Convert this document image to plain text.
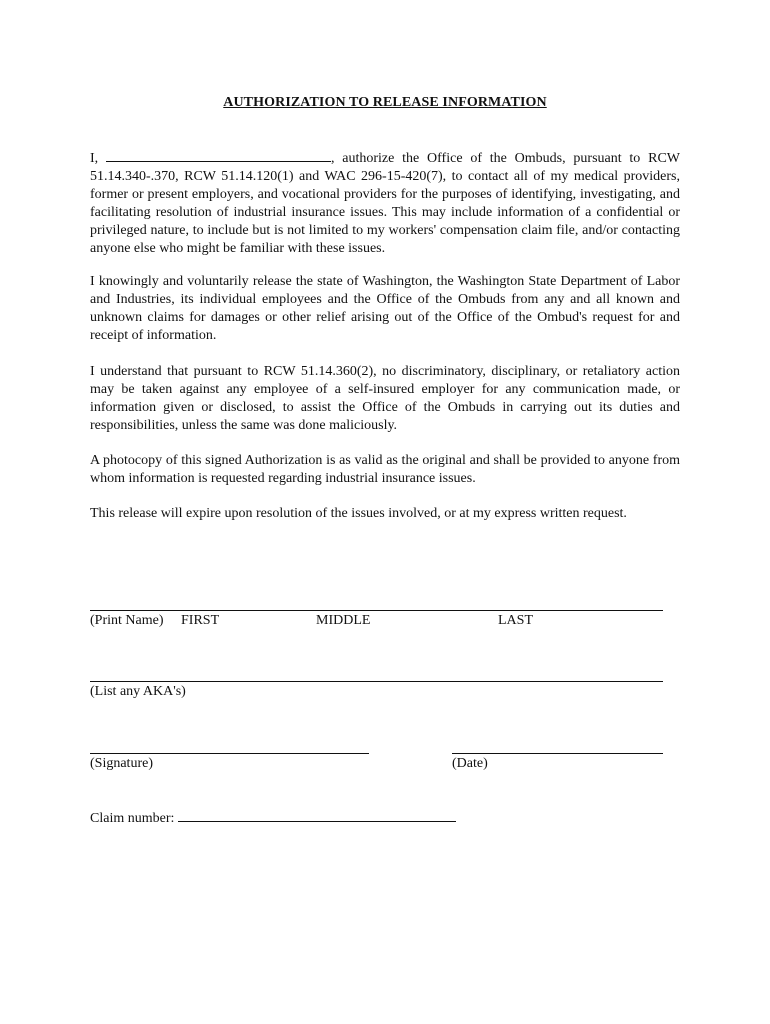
AUTHORIZATION TO RELEASE INFORMATION

I,	, authorize the Office of the Ombuds, pursuant to RCW 51.14.340-.370, RCW 51.14.120(1) and WAC 296-15-420(7), to contact all of my medical providers, former or present employers, and vocational providers for the purposes of identifying, investigating, and facilitating resolution of industrial insurance issues. This may include information of a confidential or privileged nature, to include but is not limited to my workers' compensation claim file, and/or contacting anyone else who might be familiar with these issues.

I knowingly and voluntarily release the state of Washington, the Washington State Department of Labor and Industries, its individual employees and the Office of the Ombuds from any and all known and unknown claims for damages or other relief arising out of the Office of the Ombud's request for and receipt of information.

I understand that pursuant to RCW 51.14.360(2), no discriminatory, disciplinary, or retaliatory action may be taken against any employee of a self-insured employer for any communication made, or information given or disclosed, to assist the Office of the Ombuds in carrying out its duties and responsibilities, unless the same was done maliciously.

A photocopy of this signed Authorization is as valid as the original and shall be provided to anyone from whom information is requested regarding industrial insurance issues.

This release will expire upon resolution of the issues involved, or at my express written request.

(Print Name) FIRST	MIDDLE	LAST
(List any AKA's)
(Signature)	(Date)
Claim number:
